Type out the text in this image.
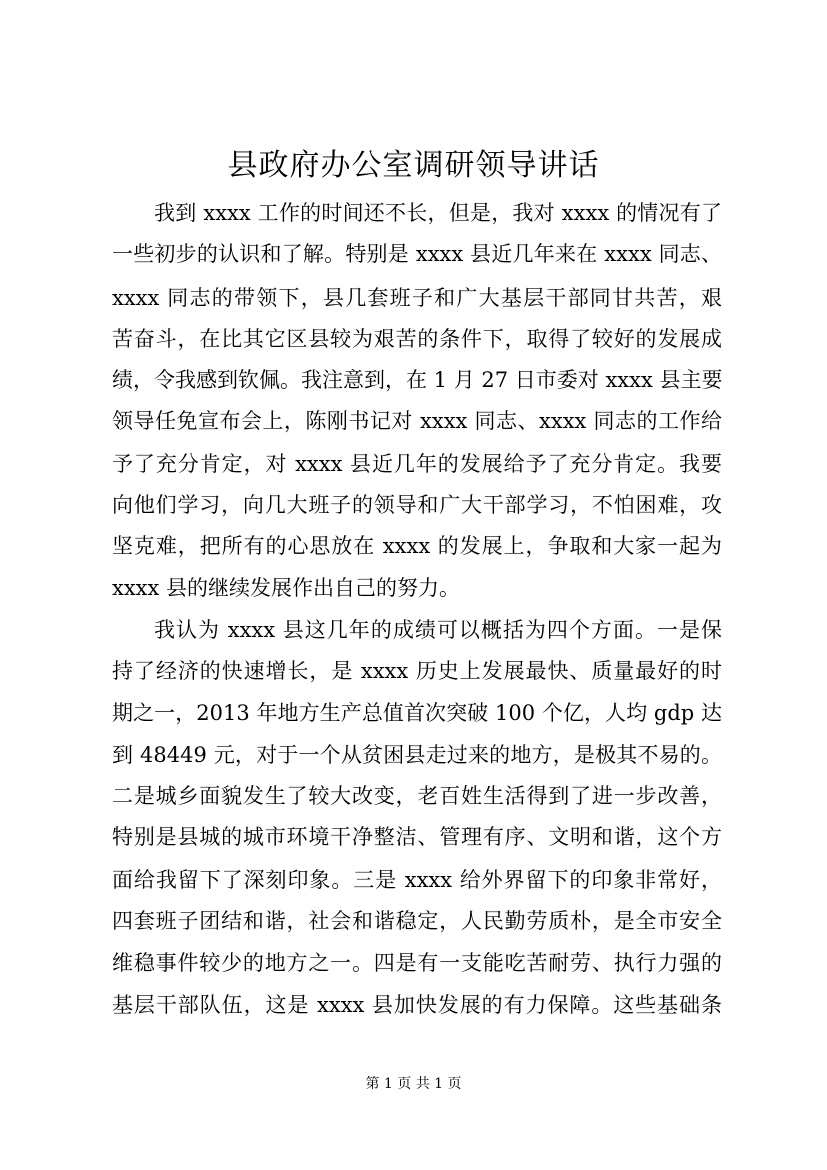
县政府办公室调研领导讲话
我到 xxxx 工作的时间还不长，但是，我对 xxxx 的情况有了
一些初步的认识和了解。特别是 xxxx 县近几年来在 xxxx 同志、
xxxx 同志的带领下，县几套班子和广大基层干部同甘共苦，艰
苦奋斗，在比其它区县较为艰苦的条件下，取得了较好的发展成
绩，令我感到钦佩。我注意到，在 1 月 27 日市委对 xxxx 县主要
领导任免宣布会上，陈刚书记对 xxxx 同志、xxxx 同志的工作给
予了充分肯定，对 xxxx 县近几年的发展给予了充分肯定。我要
向他们学习，向几大班子的领导和广大干部学习，不怕困难，攻
坚克难，把所有的心思放在 xxxx 的发展上，争取和大家一起为
xxxx 县的继续发展作出自己的努力。
我认为 xxxx 县这几年的成绩可以概括为四个方面。一是保
持了经济的快速增长，是 xxxx 历史上发展最快、质量最好的时
期之一，2013 年地方生产总值首次突破 100 个亿，人均 gdp 达
到 48449 元，对于一个从贫困县走过来的地方，是极其不易的。
二是城乡面貌发生了较大改变，老百姓生活得到了进一步改善，
特别是县城的城市环境干净整洁、管理有序、文明和谐，这个方
面给我留下了深刻印象。三是 xxxx 给外界留下的印象非常好，
四套班子团结和谐，社会和谐稳定，人民勤劳质朴，是全市安全
维稳事件较少的地方之一。四是有一支能吃苦耐劳、执行力强的
基层干部队伍，这是 xxxx 县加快发展的有力保障。这些基础条
第 1 页 共 1 页
